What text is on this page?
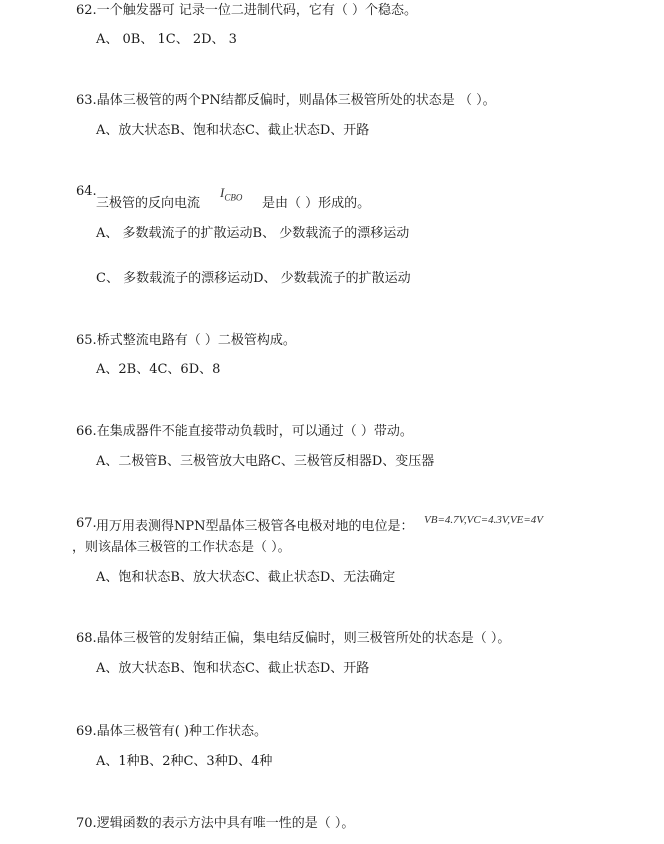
62.一个触发器可 记录一位二进制代码，它有（ ）个稳态。
A、 0B、 1C、 2D、 3
63.晶体三极管的两个PN结都反偏时，则晶体三极管所处的状态是 （ ）。
A、放大状态B、饱和状态C、截止状态D、开路
64.
三极管的反向电流
$I_{CBO}$ 是由（ ）形成的。
A、 多数载流子的扩散运动B、 少数载流子的漂移运动
C、 多数载流子的漂移运动D、 少数载流子的扩散运动
65.桥式整流电路有（ ）二极管构成。
A、2B、4C、6D、8
66.在集成器件不能直接带动负载时，可以通过（ ）带动。
A、二极管B、三极管放大电路C、三极管反相器D、变压器
67. 用万用表测得NPN型晶体三极管各电极对地的电位是： VB=4.7V,VC=4.3V,VE=4V
，则该晶体三极管的工作状态是（ ）。
A、饱和状态B、放大状态C、截止状态D、无法确定
68.晶体三极管的发射结正偏，集电结反偏时，则三极管所处的状态是（ ）。
A、放大状态B、饱和状态C、截止状态D、开路
69.晶体三极管有( )种工作状态。
A、1种B、2种C、3种D、4种
70.逻辑函数的表示方法中具有唯一性的是（ ）。
